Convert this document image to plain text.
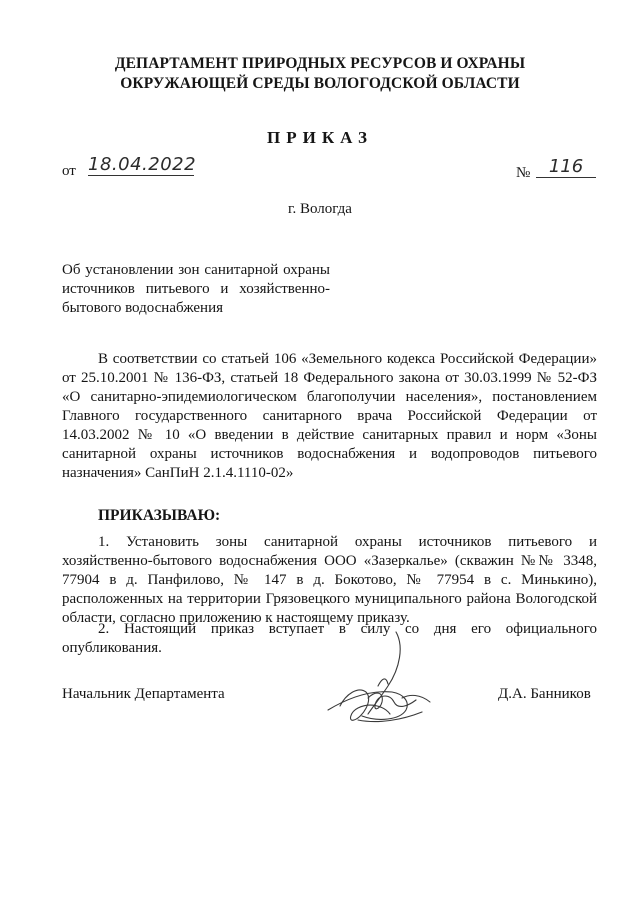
ДЕПАРТАМЕНТ ПРИРОДНЫХ РЕСУРСОВ И ОХРАНЫ
ОКРУЖАЮЩЕЙ СРЕДЫ ВОЛОГОДСКОЙ ОБЛАСТИ
ПРИКАЗ
от 18.04.2022	№	116
г. Вологда
Об установлении зон санитарной охраны источников питьевого и хозяйственно-бытового водоснабжения
В соответствии со статьей 106 «Земельного кодекса Российской Федерации» от 25.10.2001 № 136-ФЗ, статьей 18 Федерального закона от 30.03.1999 № 52-ФЗ «О санитарно-эпидемиологическом благополучии населения», постановлением Главного государственного санитарного врача Российской Федерации от 14.03.2002 № 10 «О введении в действие санитарных правил и норм «Зоны санитарной охраны источников водоснабжения и водопроводов питьевого назначения» СанПиН 2.1.4.1110-02»
ПРИКАЗЫВАЮ:
1. Установить зоны санитарной охраны источников питьевого и хозяйственно-бытового водоснабжения ООО «Зазеркалье» (скважин №№ 3348, 77904 в д. Панфилово, № 147 в д. Бокотово, № 77954 в с. Минькино), расположенных на территории Грязовецкого муниципального района Вологодской области, согласно приложению к настоящему приказу.
2. Настоящий приказ вступает в силу со дня его официального опубликования.
Начальник Департамента	Д.А. Банников
